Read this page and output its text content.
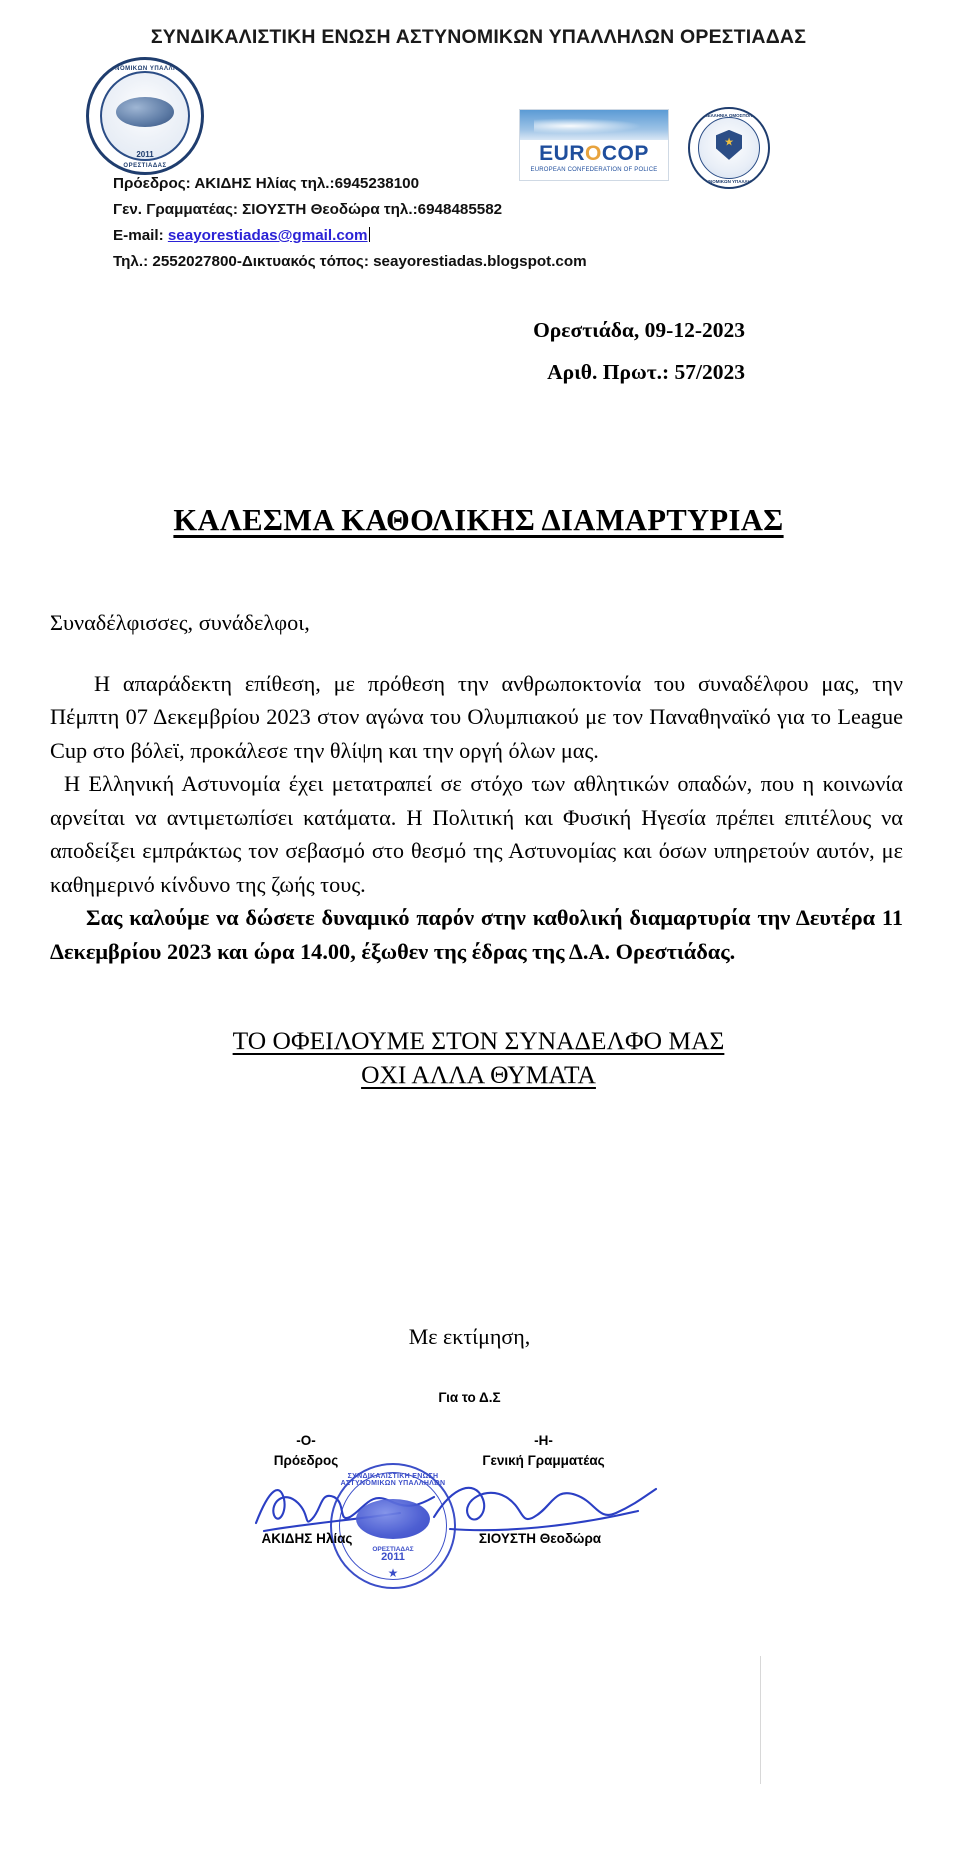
ΣΥΝΔΙΚΑΛΙΣΤΙΚΗ ΕΝΩΣΗ ΑΣΤΥΝΟΜΙΚΩΝ ΥΠΑΛΛΗΛΩΝ ΟΡΕΣΤΙΑΔΑΣ
ΑΣΤΥΝΟΜΙΚΩΝ ΥΠΑΛΛΗΛΩΝ
ΟΡΕΣΤΙΑΔΑΣ
2011	EUROCOP
EUROPEAN CONFEDERATION OF POLICE
★
ΠΑΝΕΛΛΗΝΙΑ ΟΜΟΣΠΟΝΔΙΑ
ΑΣΤΥΝΟΜΙΚΩΝ ΥΠΑΛΛΗΛΩΝ
Πρόεδρος: ΑΚΙΔΗΣ Ηλίας τηλ.:6945238100
Γεν. Γραμματέας: ΣΙΟΥΣΤΗ Θεοδώρα τηλ.:6948485582
E-mail: seayorestiadas@gmail.com
Τηλ.: 2552027800-Δικτυακός τόπος: seayorestiadas.blogspot.com
Ορεστιάδα, 09-12-2023
Αριθ. Πρωτ.: 57/2023
ΚΑΛΕΣΜΑ ΚΑΘΟΛΙΚΗΣ ΔΙΑΜΑΡΤΥΡΙΑΣ
Συναδέλφισσες, συνάδελφοι,
Η απαράδεκτη επίθεση, με πρόθεση την ανθρωποκτονία του συναδέλφου μας, την Πέμπτη 07 Δεκεμβρίου 2023 στον αγώνα του Ολυμπιακού με τον Παναθηναϊκό για το League Cup στο βόλεϊ, προκάλεσε την θλίψη και την οργή όλων μας.
Η Ελληνική Αστυνομία έχει μετατραπεί σε στόχο των αθλητικών οπαδών, που η κοινωνία αρνείται να αντιμετωπίσει κατάματα. Η Πολιτική και Φυσική Ηγεσία πρέπει επιτέλους να αποδείξει εμπράκτως τον σεβασμό στο θεσμό της Αστυνομίας και όσων υπηρετούν αυτόν, με καθημερινό κίνδυνο της ζωής τους.
Σας καλούμε να δώσετε δυναμικό παρόν στην καθολική διαμαρτυρία την Δευτέρα 11 Δεκεμβρίου 2023 και ώρα 14.00, έξωθεν της έδρας της Δ.Α. Ορεστιάδας.
ΤΟ ΟΦΕΙΛΟΥΜΕ ΣΤΟΝ ΣΥΝΑΔΕΛΦΟ ΜΑΣ
ΟΧΙ ΑΛΛΑ ΘΥΜΑΤΑ
Με εκτίμηση,
Για το Δ.Σ
-Ο-
Πρόεδρος
-Η-
Γενική Γραμματέας
ΣΥΝΔΙΚΑΛΙΣΤΙΚΗ ΕΝΩΣΗ ΑΣΤΥΝΟΜΙΚΩΝ ΥΠΑΛΛΗΛΩΝ
ΟΡΕΣΤΙΑΔΑΣ
2011
★
ΑΚΙΔΗΣ Ηλίας	ΣΙΟΥΣΤΗ Θεοδώρα
